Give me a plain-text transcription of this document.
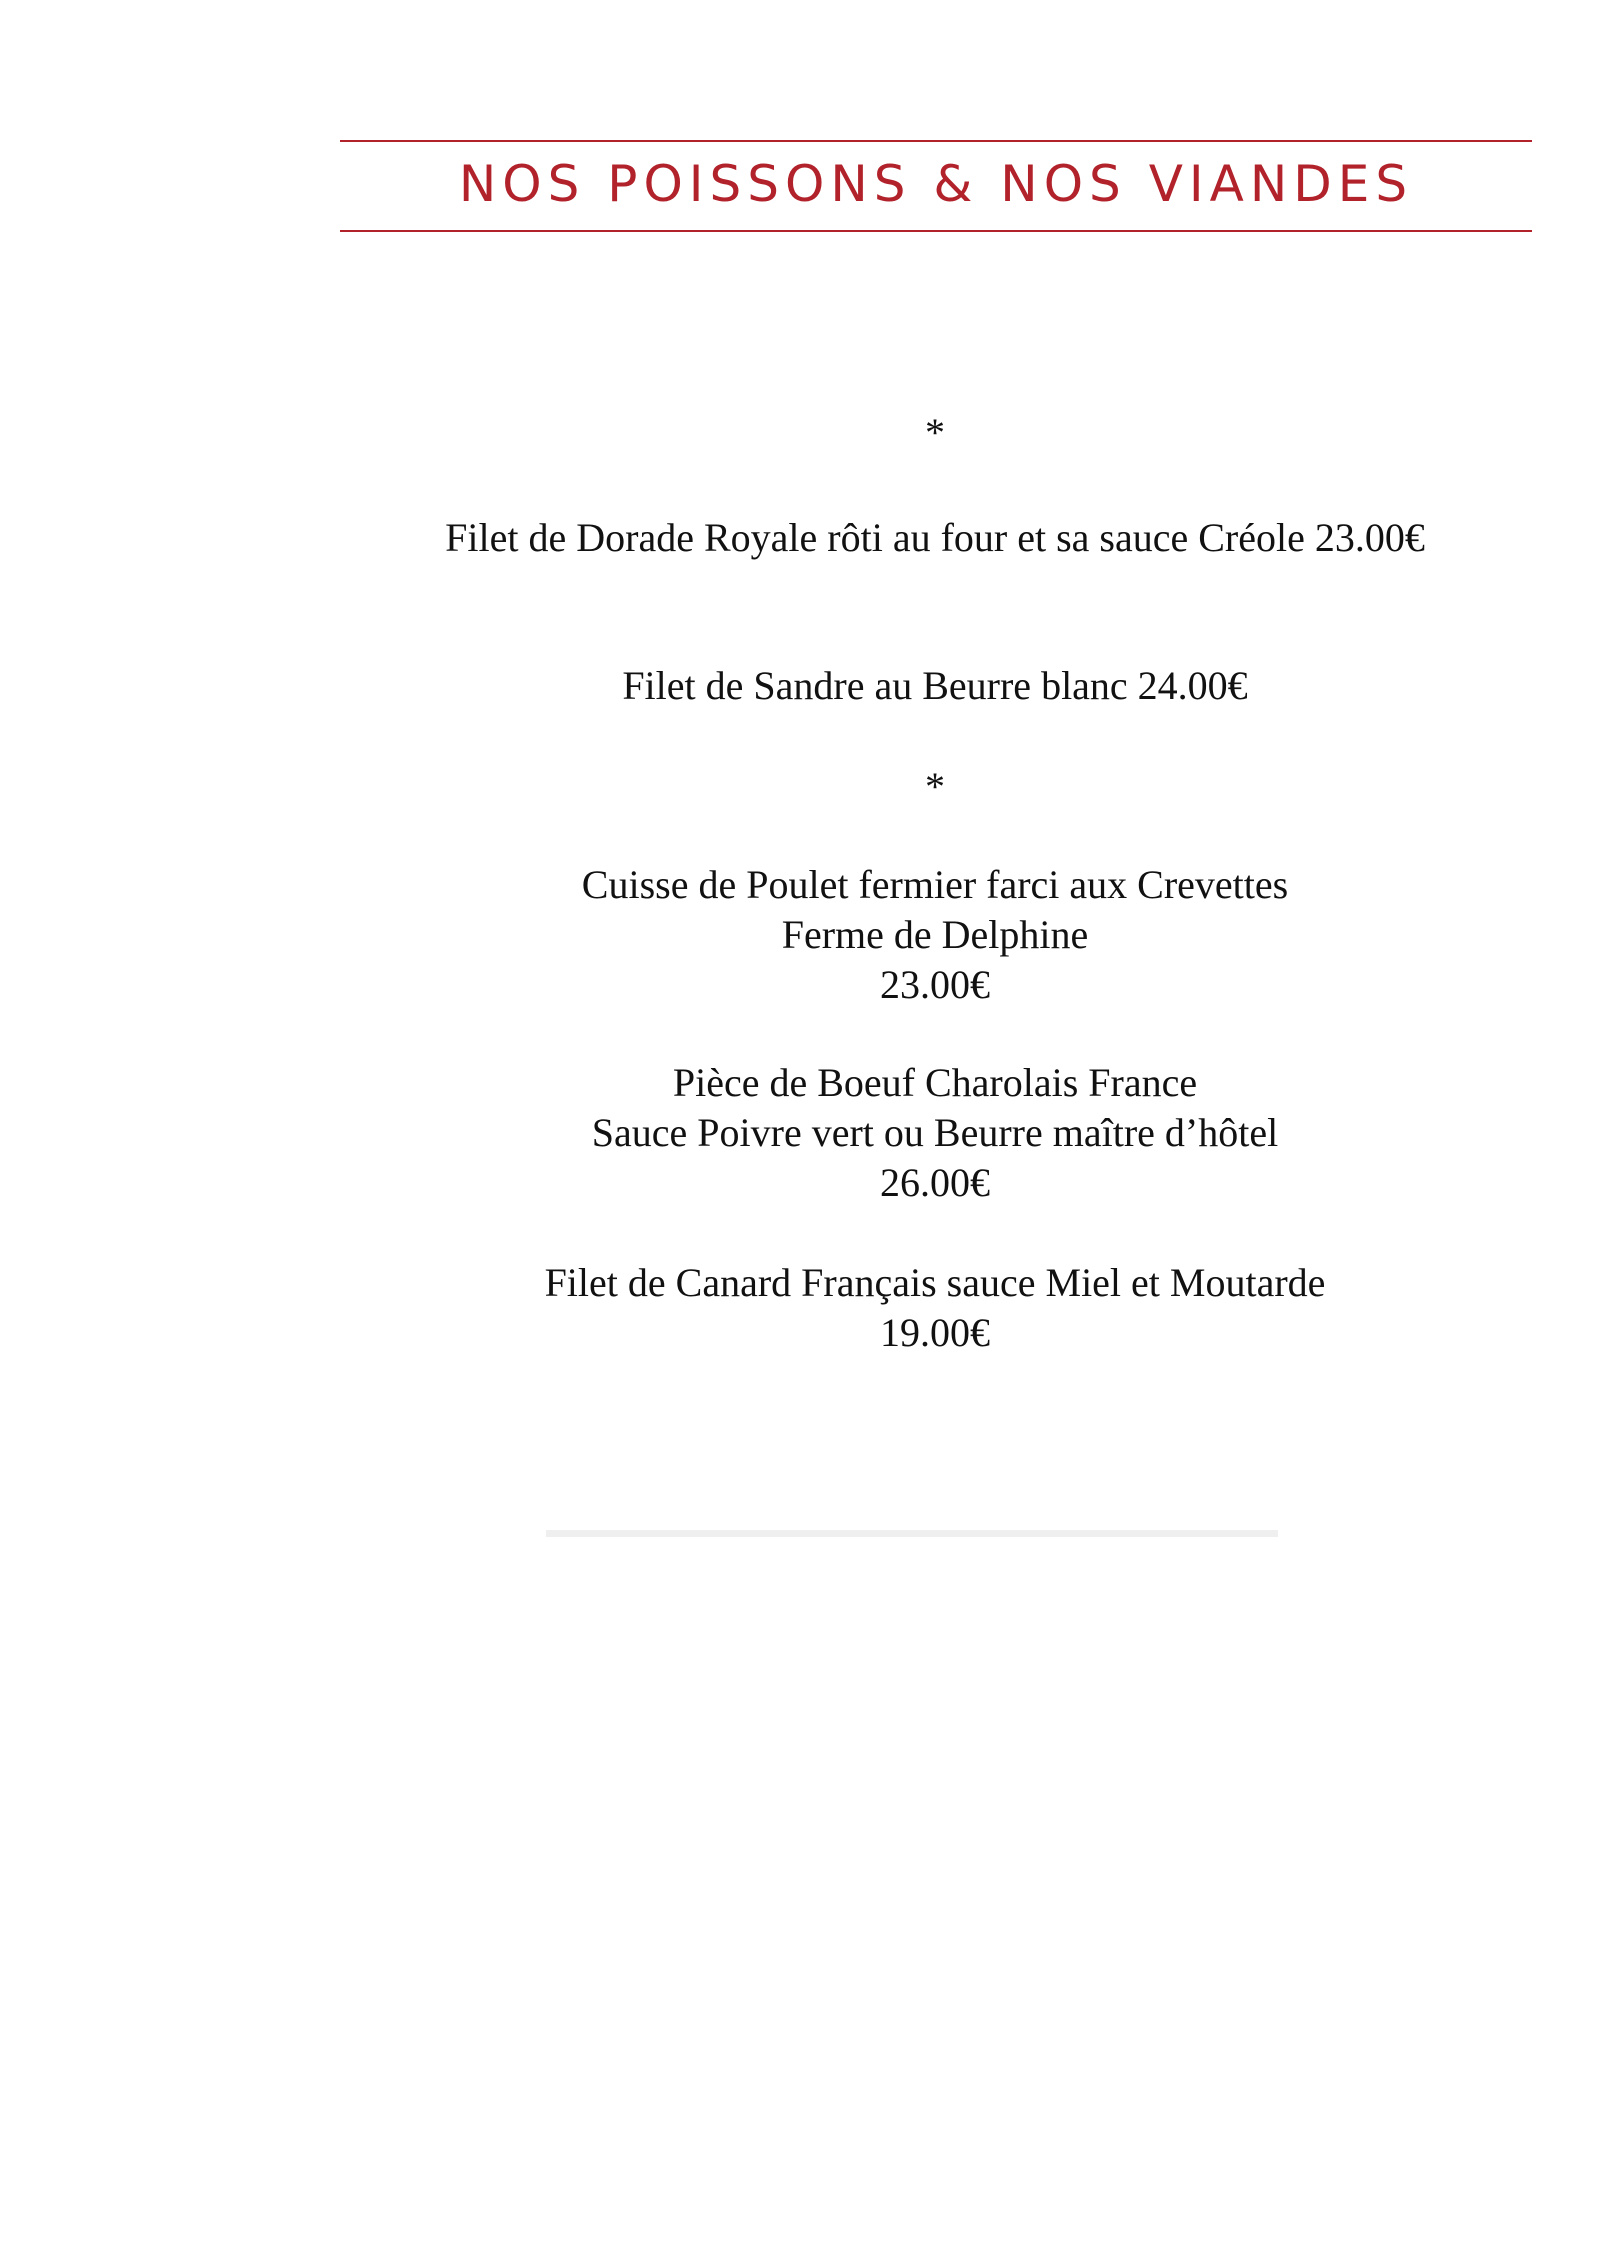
NOS POISSONS & NOS VIANDES
*
Filet de Dorade Royale rôti au four et sa sauce Créole 23.00€
Filet de Sandre au Beurre blanc 24.00€
*
Cuisse de Poulet fermier farci aux Crevettes
Ferme de Delphine
23.00€
Pièce de Boeuf Charolais France
Sauce Poivre vert ou Beurre maître d’hôtel
26.00€
Filet de Canard Français sauce Miel et Moutarde
19.00€
